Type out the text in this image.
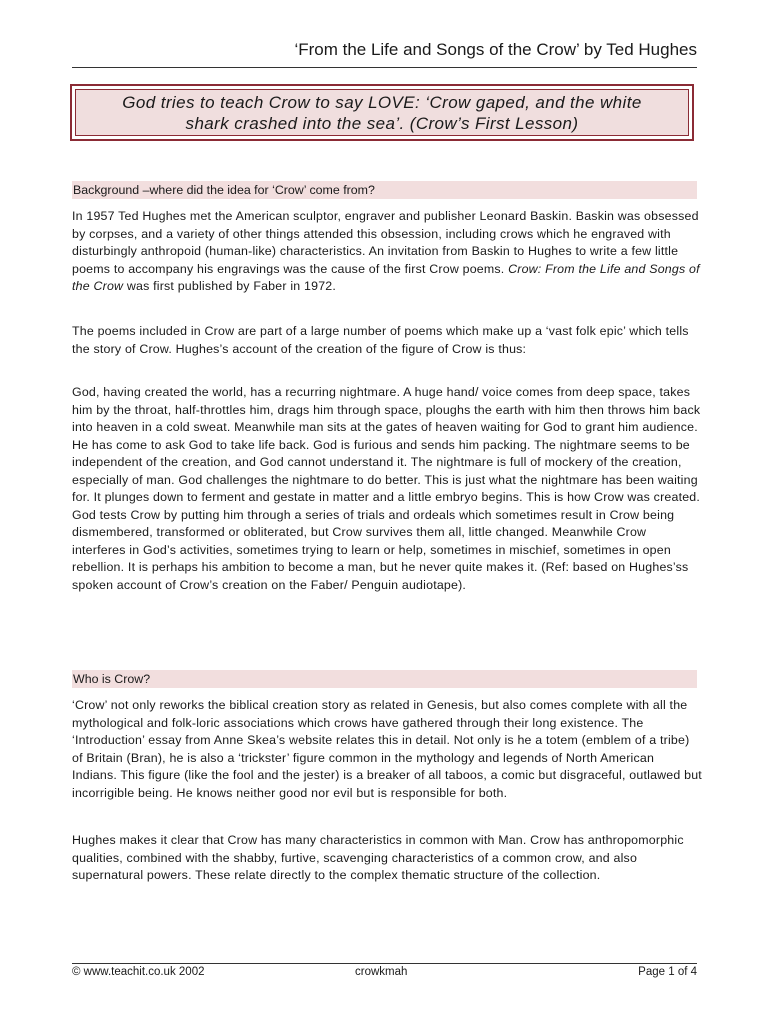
‘From the Life and Songs of the Crow’ by Ted Hughes
God tries to teach Crow to say LOVE: ‘Crow gaped, and the white
shark crashed into the sea’. (Crow’s First Lesson)
Background –where did the idea for ‘Crow’ come from?

In 1957 Ted Hughes met the American sculptor, engraver and publisher Leonard Baskin. Baskin was obsessed by corpses, and a variety of other things attended this obsession, including crows which he engraved with disturbingly anthropoid (human-like) characteristics. An invitation from Baskin to Hughes to write a few little poems to accompany his engravings was the cause of the first Crow poems. Crow: From the Life and Songs of the Crow was first published by Faber in 1972.

The poems included in Crow are part of a large number of poems which make up a ‘vast folk epic’ which tells the story of Crow. Hughes’s account of the creation of the figure of Crow is thus:

God, having created the world, has a recurring nightmare. A huge hand/ voice comes from deep space, takes him by the throat, half-throttles him, drags him through space, ploughs the earth with him then throws him back into heaven in a cold sweat. Meanwhile man sits at the gates of heaven waiting for God to grant him audience. He has come to ask God to take life back. God is furious and sends him packing. The nightmare seems to be independent of the creation, and God cannot understand it. The nightmare is full of mockery of the creation, especially of man. God challenges the nightmare to do better. This is just what the nightmare has been waiting for. It plunges down to ferment and gestate in matter and a little embryo begins. This is how Crow was created. God tests Crow by putting him through a series of trials and ordeals which sometimes result in Crow being dismembered, transformed or obliterated, but Crow survives them all, little changed. Meanwhile Crow interferes in God’s activities, sometimes trying to learn or help, sometimes in mischief, sometimes in open rebellion. It is perhaps his ambition to become a man, but he never quite makes it. (Ref: based on Hughes’ss spoken account of Crow’s creation on the Faber/ Penguin audiotape).

Who is Crow?

‘Crow’ not only reworks the biblical creation story as related in Genesis, but also comes complete with all the mythological and folk-loric associations which crows have gathered through their long existence. The ‘Introduction’ essay from Anne Skea’s website relates this in detail. Not only is he a totem (emblem of a tribe) of Britain (Bran), he is also a ‘trickster’ figure common in the mythology and legends of North American Indians. This figure (like the fool and the jester) is a breaker of all taboos, a comic but disgraceful, outlawed but incorrigible being. He knows neither good nor evil but is responsible for both.

Hughes makes it clear that Crow has many characteristics in common with Man. Crow has anthropomorphic qualities, combined with the shabby, furtive, scavenging characteristics of a common crow, and also supernatural powers. These relate directly to the complex thematic structure of the collection.

© www.teachit.co.uk 2002	crowkmah	Page 1 of 4
